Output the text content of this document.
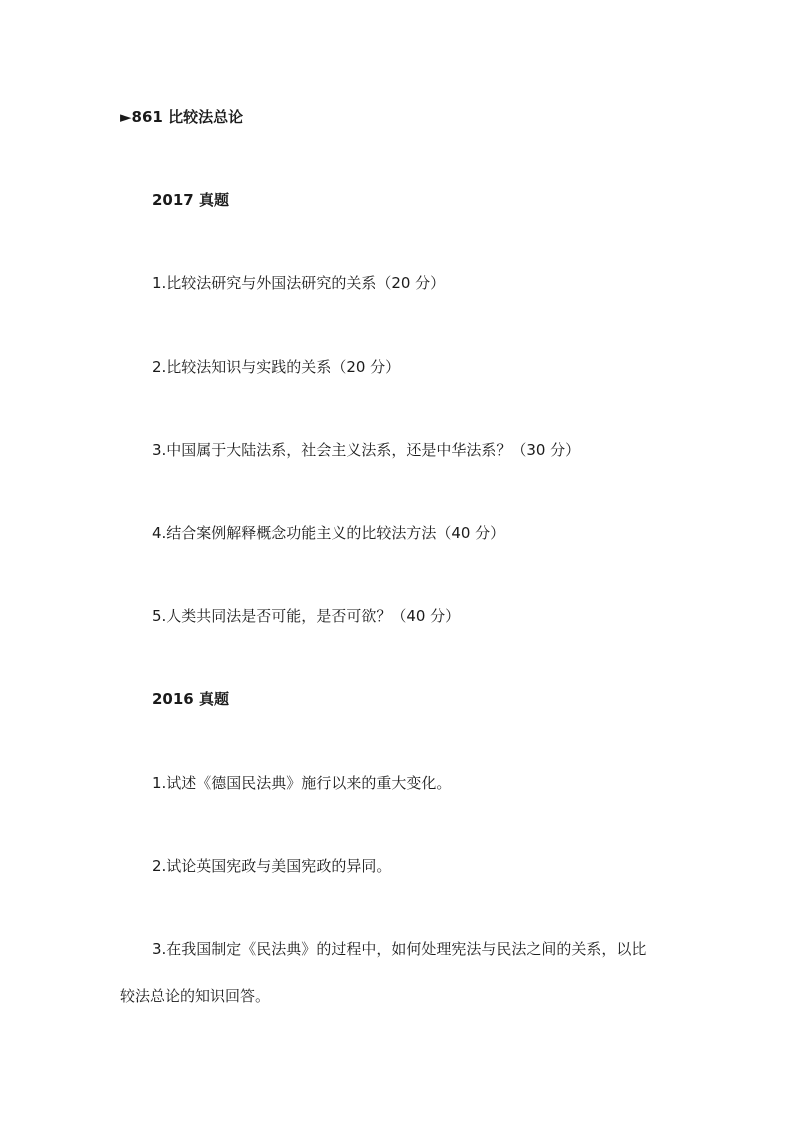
►861 比较法总论
2017 真题
1.比较法研究与外国法研究的关系（20 分）
2.比较法知识与实践的关系（20 分）
3.中国属于大陆法系，社会主义法系，还是中华法系？（30 分）
4.结合案例解释概念功能主义的比较法方法（40 分）
5.人类共同法是否可能，是否可欲？（40 分）
2016 真题
1.试述《德国民法典》施行以来的重大变化。
2.试论英国宪政与美国宪政的异同。
3.在我国制定《民法典》的过程中，如何处理宪法与民法之间的关系，以比
较法总论的知识回答。
